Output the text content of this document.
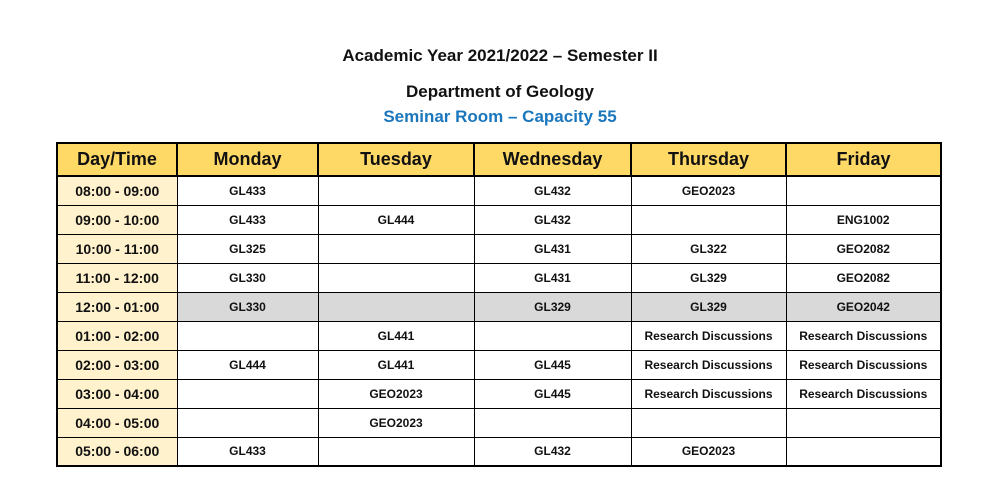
Academic Year 2021/2022 – Semester II
Department of Geology
Seminar Room – Capacity 55
Day/Time	Monday	Tuesday	Wednesday	Thursday	Friday
08:00 - 09:00	GL433		GL432	GEO2023	
09:00 - 10:00	GL433	GL444	GL432		ENG1002
10:00 - 11:00	GL325		GL431	GL322	GEO2082
11:00 - 12:00	GL330		GL431	GL329	GEO2082
12:00 - 01:00	GL330		GL329	GL329	GEO2042
01:00 - 02:00		GL441		Research Discussions	Research Discussions
02:00 - 03:00	GL444	GL441	GL445	Research Discussions	Research Discussions
03:00 - 04:00		GEO2023	GL445	Research Discussions	Research Discussions
04:00 - 05:00		GEO2023			
05:00 - 06:00	GL433		GL432	GEO2023	
